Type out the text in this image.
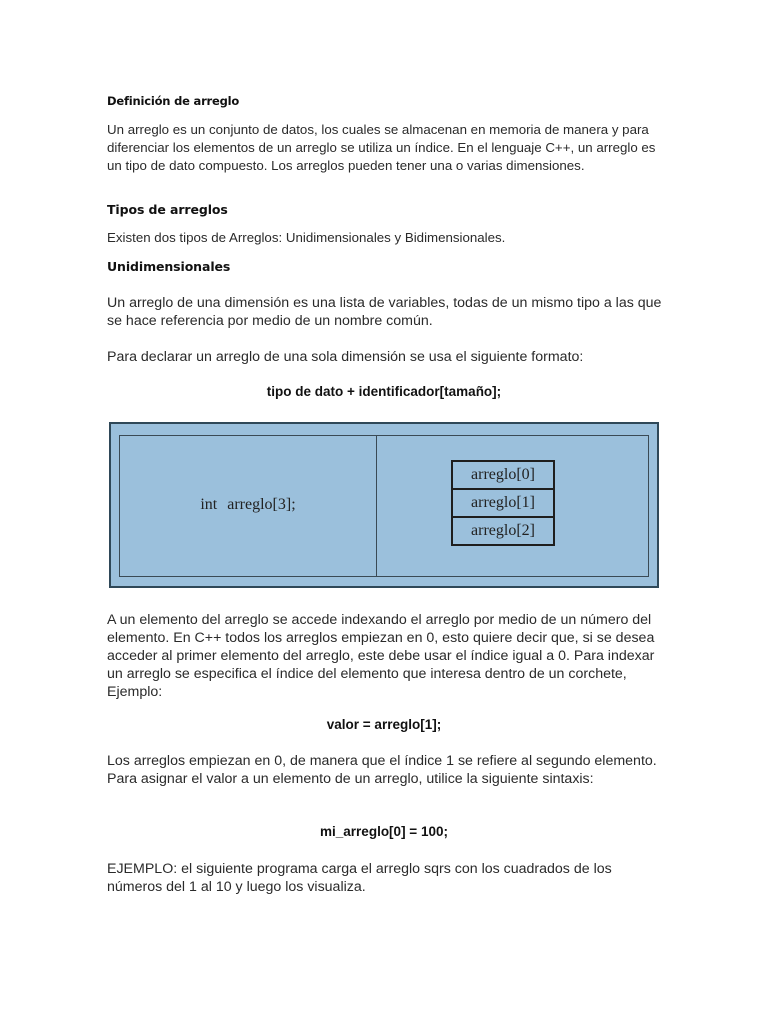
Definición de arreglo

Un arreglo es un conjunto de datos, los cuales se almacenan en memoria de manera y para diferenciar los elementos de un arreglo se utiliza un índice. En el lenguaje C++, un arreglo es un tipo de dato compuesto. Los arreglos pueden tener una o varias dimensiones.

Tipos de arreglos

Existen dos tipos de Arreglos: Unidimensionales y Bidimensionales.

Unidimensionales

Un arreglo de una dimensión es una lista de variables, todas de un mismo tipo a las que se hace referencia por medio de un nombre común.

Para declarar un arreglo de una sola dimensión se usa el siguiente formato:

tipo de dato + identificador[tamaño];
int arreglo[3];
arreglo[0]
arreglo[1]
arreglo[2]

A un elemento del arreglo se accede indexando el arreglo por medio de un número del elemento. En C++ todos los arreglos empiezan en 0, esto quiere decir que, si se desea acceder al primer elemento del arreglo, este debe usar el índice igual a 0. Para indexar un arreglo se especifica el índice del elemento que interesa dentro de un corchete, Ejemplo:

valor = arreglo[1];

Los arreglos empiezan en 0, de manera que el índice 1 se refiere al segundo elemento. Para asignar el valor a un elemento de un arreglo, utilice la siguiente sintaxis:

mi_arreglo[0] = 100;

EJEMPLO: el siguiente programa carga el arreglo sqrs con los cuadrados de los números del 1 al 10 y luego los visualiza.
